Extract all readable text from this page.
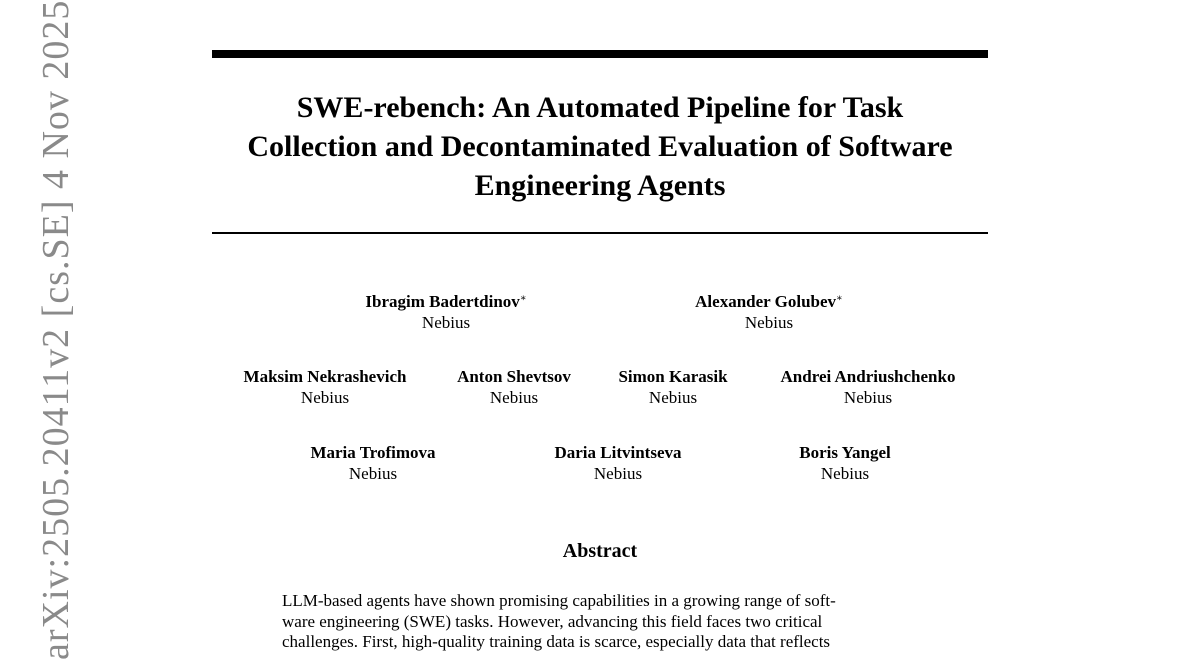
arXiv:2505.20411v2 [cs.SE] 4 Nov 2025	SWE-rebench: An Automated Pipeline for Task
Collection and Decontaminated Evaluation of Software
Engineering Agents
Ibragim Badertdinov∗
Nebius
Alexander Golubev∗
Nebius
Maksim Nekrashevich
Nebius
Anton Shevtsov
Nebius
Simon Karasik
Nebius
Andrei Andriushchenko
Nebius
Maria Trofimova
Nebius
Daria Litvintseva
Nebius
Boris Yangel
Nebius
Abstract

LLM-based agents have shown promising capabilities in a growing range of soft-
ware engineering (SWE) tasks. However, advancing this field faces two critical
challenges. First, high-quality training data is scarce, especially data that reflects
